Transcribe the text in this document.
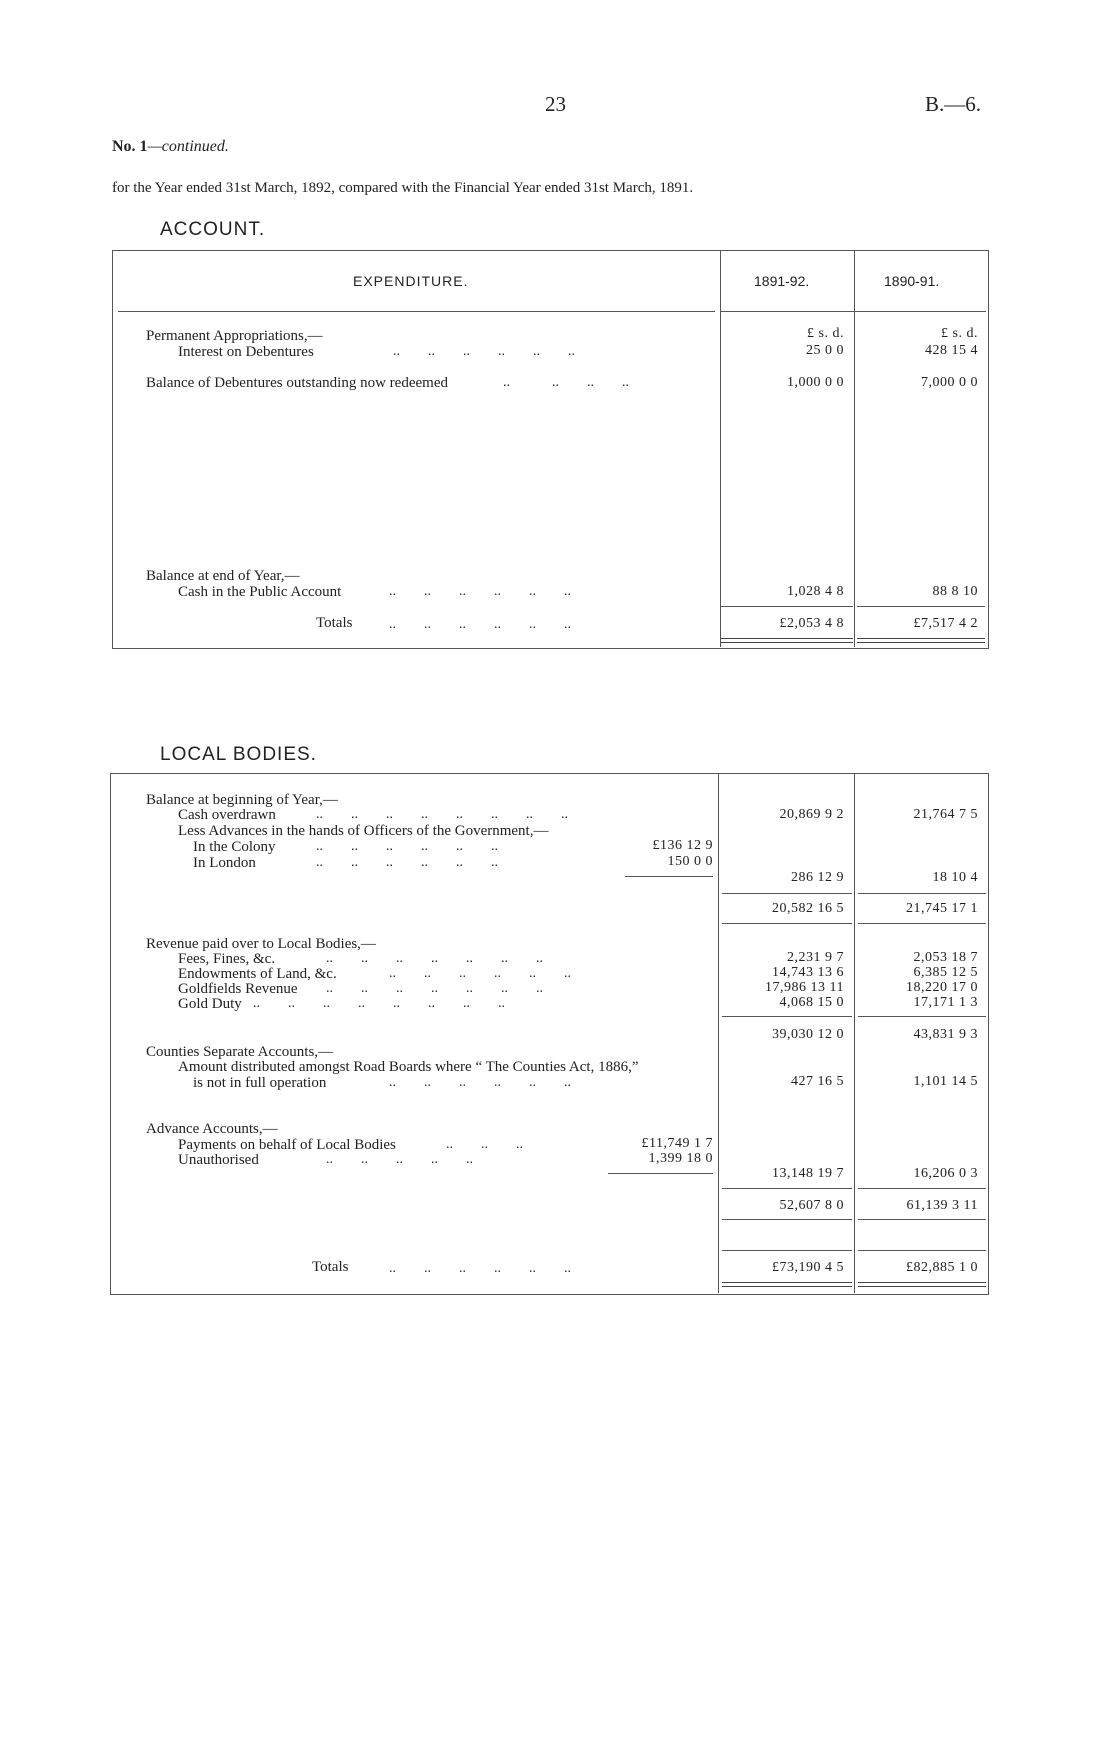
23	B.—6.
No. 1—continued.
for the Year ended 31st March, 1892, compared with the Financial Year ended 31st March, 1891.
ACCOUNT.
EXPENDITURE.	1891-92.	1890-91.
£ s. d.	£ s. d.
Permanent Appropriations,—
Interest on Debentures	..  ..  ..  ..  ..  ..	25 0 0	428 15 4
Balance of Debentures outstanding now redeemed	..   ..  ..  ..	1,000 0 0	7,000 0 0
Balance at end of Year,—
Cash in the Public Account	..  ..  ..  ..  ..  ..	1,028 4 8	88 8 10
Totals	..  ..  ..  ..  ..  ..	£2,053 4 8	£7,517 4 2
LOCAL BODIES.
Balance at beginning of Year,—
Cash overdrawn	..  ..  ..  ..  ..  ..  ..  ..	20,869 9 2	21,764 7 5
Less Advances in the hands of Officers of the Government,—
In the Colony	..  ..  ..  ..  ..  ..	£136 12 9
In London	..  ..  ..  ..  ..  ..	150 0 0
286 12 9	18 10 4
20,582 16 5	21,745 17 1
Revenue paid over to Local Bodies,—
Fees, Fines, &c.	..  ..  ..  ..  ..  ..  ..	2,231 9 7	2,053 18 7
Endowments of Land, &c.	..  ..  ..  ..  ..  ..	14,743 13 6	6,385 12 5
Goldfields Revenue ..  ..  ..  ..  ..  ..  ..	17,986 13 11	18,220 17 0
Gold Duty ..  ..  ..  ..  ..  ..  ..  ..	4,068 15 0	17,171 1 3
39,030 12 0	43,831 9 3
Counties Separate Accounts,—
Amount distributed amongst Road Boards where “ The Counties Act, 1886,”
is not in full operation	..  ..  ..  ..  ..  ..	427 16 5	1,101 14 5
Advance Accounts,—
Payments on behalf of Local Bodies	..  ..  ..	£11,749 1 7
Unauthorised	..  ..  ..  ..  ..	1,399 18 0
13,148 19 7	16,206 0 3
52,607 8 0	61,139 3 11
Totals	..  ..  ..  ..  ..  ..	£73,190 4 5	£82,885 1 0
